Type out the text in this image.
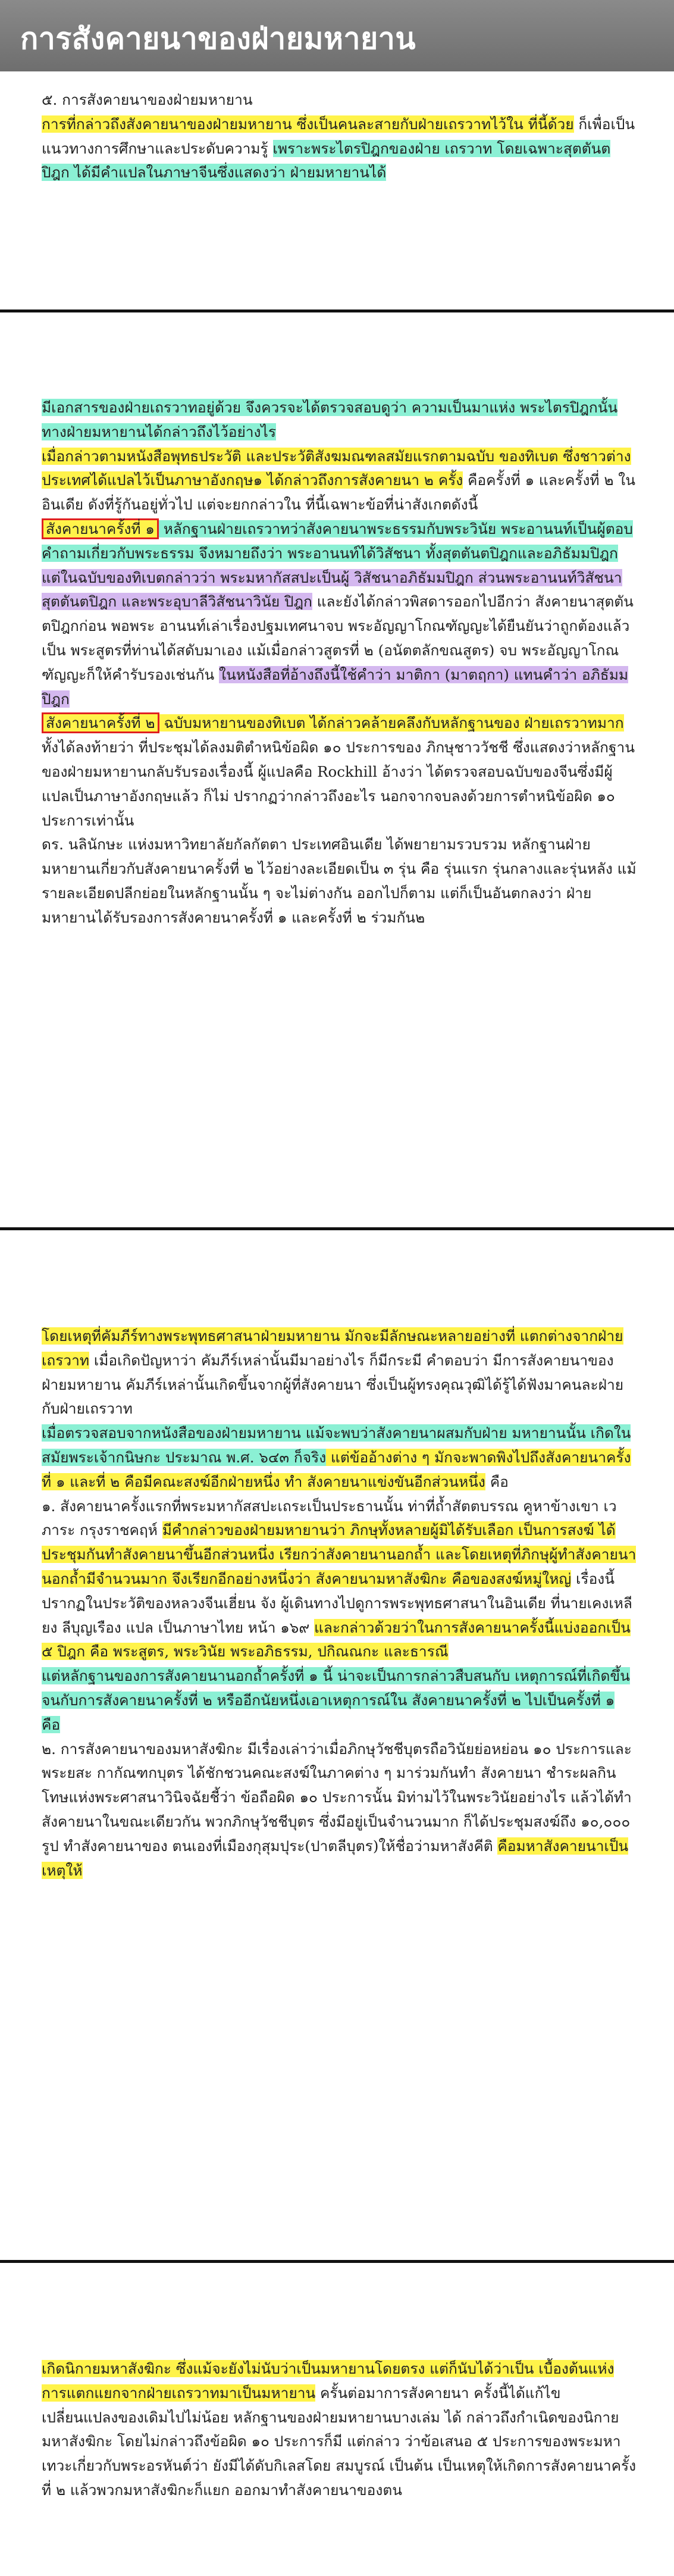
การสังคายนาของฝ่ายมหายาน

๕. การสังคายนาของฝ่ายมหายาน

การที่กล่าวถึงสังคายนาของฝ่ายมหายาน ซึ่งเป็นคนละสายกับฝ่ายเถรวาทไว้ใน ที่นี้ด้วย ก็เพื่อเป็นแนวทางการศึกษาและประดับความรู้ เพราะพระไตรปิฎกของฝ่าย เถรวาท โดยเฉพาะสุตตันตปิฎก ได้มีคำแปลในภาษาจีนซึ่งแสดงว่า ฝ่ายมหายานได้

มีเอกสารของฝ่ายเถรวาทอยู่ด้วย จึงควรจะได้ตรวจสอบดูว่า ความเป็นมาแห่ง พระไตรปิฎกนั้น ทางฝ่ายมหายานได้กล่าวถึงไว้อย่างไร

เมื่อกล่าวตามหนังสือพุทธประวัติ และประวัติสังฆมณฑลสมัยแรกตามฉบับ ของทิเบต ซึ่งชาวต่างประเทศได้แปลไว้เป็นภาษาอังกฤษ๑ ได้กล่าวถึงการสังคายนา ๒ ครั้ง คือครั้งที่ ๑ และครั้งที่ ๒ ในอินเดีย ดังที่รู้กันอยู่ทั่วไป แต่จะยกกล่าวใน ที่นี้เฉพาะข้อที่น่าสังเกตดังนี้

สังคายนาครั้งที่ ๑ หลักฐานฝ่ายเถรวาทว่าสังคายนาพระธรรมกับพระวินัย พระอานนท์เป็นผู้ตอบคำถามเกี่ยวกับพระธรรม จึงหมายถึงว่า พระอานนท์ได้วิสัชนา ทั้งสุตตันตปิฎกและอภิธัมมปิฎก แต่ในฉบับของทิเบตกล่าวว่า พระมหากัสสปะเป็นผู้ วิสัชนาอภิธัมมปิฎก ส่วนพระอานนท์วิสัชนาสุตตันตปิฎก และพระอุบาลีวิสัชนาวินัย ปิฎก และยังได้กล่าวพิสดารออกไปอีกว่า สังคายนาสุตตันตปิฎกก่อน พอพระ อานนท์เล่าเรื่องปฐมเทศนาจบ พระอัญญาโกณฑัญญะได้ยืนยันว่าถูกต้องแล้ว เป็น พระสูตรที่ท่านได้สดับมาเอง แม้เมื่อกล่าวสูตรที่ ๒ (อนัตตลักขณสูตร) จบ พระอัญญาโกณฑัญญะก็ให้คำรับรองเช่นกัน ในหนังสือที่อ้างถึงนี้ใช้คำว่า มาติกา (มาตฤกา) แทนคำว่า อภิธัมมปิฎก

สังคายนาครั้งที่ ๒ ฉบับมหายานของทิเบต ได้กล่าวคล้ายคลึงกับหลักฐานของ ฝ่ายเถรวาทมาก ทั้งได้ลงท้ายว่า ที่ประชุมได้ลงมติตำหนิข้อผิด ๑๐ ประการของ ภิกษุชาววัชชี ซึ่งแสดงว่าหลักฐานของฝ่ายมหายานกลับรับรองเรื่องนี้ ผู้แปลคือ Rockhill อ้างว่า ได้ตรวจสอบฉบับของจีนซึ่งมีผู้แปลเป็นภาษาอังกฤษแล้ว ก็ไม่ ปรากฏว่ากล่าวถึงอะไร นอกจากจบลงด้วยการตำหนิข้อผิด ๑๐ ประการเท่านั้น

ดร. นลินักษะ แห่งมหาวิทยาลัยกัลกัตตา ประเทศอินเดีย ได้พยายามรวบรวม หลักฐานฝ่ายมหายานเกี่ยวกับสังคายนาครั้งที่ ๒ ไว้อย่างละเอียดเป็น ๓ รุ่น คือ รุ่นแรก รุ่นกลางและรุ่นหลัง แม้รายละเอียดปลีกย่อยในหลักฐานนั้น ๆ จะไม่ต่างกัน ออกไปก็ตาม แต่ก็เป็นอันตกลงว่า ฝ่ายมหายานได้รับรองการสังคายนาครั้งที่ ๑ และครั้งที่ ๒ ร่วมกัน๒

โดยเหตุที่คัมภีร์ทางพระพุทธศาสนาฝ่ายมหายาน มักจะมีลักษณะหลายอย่างที่ แตกต่างจากฝ่ายเถรวาท เมื่อเกิดปัญหาว่า คัมภีร์เหล่านั้นมีมาอย่างไร ก็มีกระมี คำตอบว่า มีการสังคายนาของฝ่ายมหายาน คัมภีร์เหล่านั้นเกิดขึ้นจากผู้ที่สังคายนา ซึ่งเป็นผู้ทรงคุณวุฒิได้รู้ได้ฟังมาคนละฝ่ายกับฝ่ายเถรวาท

เมื่อตรวจสอบจากหนังสือของฝ่ายมหายาน แม้จะพบว่าสังคายนาผสมกับฝ่าย มหายานนั้น เกิดในสมัยพระเจ้ากนิษกะ ประมาณ พ.ศ. ๖๔๓ ก็จริง แต่ข้ออ้างต่าง ๆ มักจะพาดพิงไปถึงสังคายนาครั้งที่ ๑ และที่ ๒ คือมีคณะสงฆ์อีกฝ่ายหนึ่ง ทำ สังคายนาแข่งขันอีกส่วนหนึ่ง คือ

๑. สังคายนาครั้งแรกที่พระมหากัสสปะเถระเป็นประธานนั้น ท่าที่ถ้ำสัตตบรรณ คูหาข้างเขา เวภาระ กรุงราชคฤห์ มีคำกล่าวของฝ่ายมหายานว่า ภิกษุทั้งหลายผู้มิได้รับเลือก เป็นการสงฆ์ ได้ประชุมกันทำสังคายนาขึ้นอีกส่วนหนึ่ง เรียกว่าสังคายนานอกถ้ำ และโดยเหตุที่ภิกษุผู้ทำสังคายนานอกถ้ำมีจำนวนมาก จึงเรียกอีกอย่างหนึ่งว่า สังคายนามหาสังฆิกะ คือของสงฆ์หมู่ใหญ่ เรื่องนี้ปรากฏในประวัติของหลวงจีนเฮี่ยน จัง ผู้เดินทางไปดูการพระพุทธศาสนาในอินเดีย ที่นายเคงเหลียง ลีบุญเรือง แปล เป็นภาษาไทย หน้า ๑๖๙ และกล่าวด้วยว่าในการสังคายนาครั้งนี้แบ่งออกเป็น ๕ ปิฎก คือ พระสูตร, พระวินัย พระอภิธรรม, ปกิณณกะ และธารณี

แต่หลักฐานของการสังคายนานอกถ้ำครั้งที่ ๑ นี้ น่าจะเป็นการกล่าวสืบสนกับ เหตุการณ์ที่เกิดขึ้นจนกับการสังคายนาครั้งที่ ๒ หรืออีกนัยหนึ่งเอาเหตุการณ์ใน สังคายนาครั้งที่ ๒ ไปเป็นครั้งที่ ๑ คือ

๒. การสังคายนาของมหาสังฆิกะ มีเรื่องเล่าว่าเมื่อภิกษุวัชชีบุตรถือวินัยย่อหย่อน ๑๐ ประการและพระยสะ กากัณฑกบุตร ได้ชักชวนคณะสงฆ์ในภาคต่าง ๆ มาร่วมกันทำ สังคายนา ชำระผลกินโทษแห่งพระศาสนาวินิจฉัยชี้ว่า ข้อถือผิด ๑๐ ประการนั้น มิท่ามไว้ในพระวินัยอย่างไร แล้วได้ทำสังคายนาในขณะเดียวกัน พวกภิกษุวัชชีบุตร ซึ่งมีอยู่เป็นจำนวนมาก ก็ได้ประชุมสงฆ์ถึง ๑๐,๐๐๐ รูป ทำสังคายนาของ ตนเองที่เมืองกุสุมปุระ(ปาตลีบุตร)ให้ชื่อว่ามหาสังคีติ คือมหาสังคายนาเป็นเหตุให้

เกิดนิกายมหาสังฆิกะ ซึ่งแม้จะยังไม่นับว่าเป็นมหายานโดยตรง แต่ก็นับได้ว่าเป็น เบื้องต้นแห่งการแตกแยกจากฝ่ายเถรวาทมาเป็นมหายาน ครั้นต่อมาการสังคายนา ครั้งนี้ได้แก้ไขเปลี่ยนแปลงของเดิมไปไม่น้อย หลักฐานของฝ่ายมหายานบางเล่ม ได้ กล่าวถึงกำเนิดของนิกายมหาสังฆิกะ โดยไม่กล่าวถึงข้อผิด ๑๐ ประการก็มี แต่กล่าว ว่าข้อเสนอ ๕ ประการของพระมหาเทวะเกี่ยวกับพระอรหันต์ว่า ยังมีได้ดับกิเลสโดย สมบูรณ์ เป็นต้น เป็นเหตุให้เกิดการสังคายนาครั้งที่ ๒ แล้วพวกมหาสังฆิกะก็แยก ออกมาทำสังคายนาของตน
